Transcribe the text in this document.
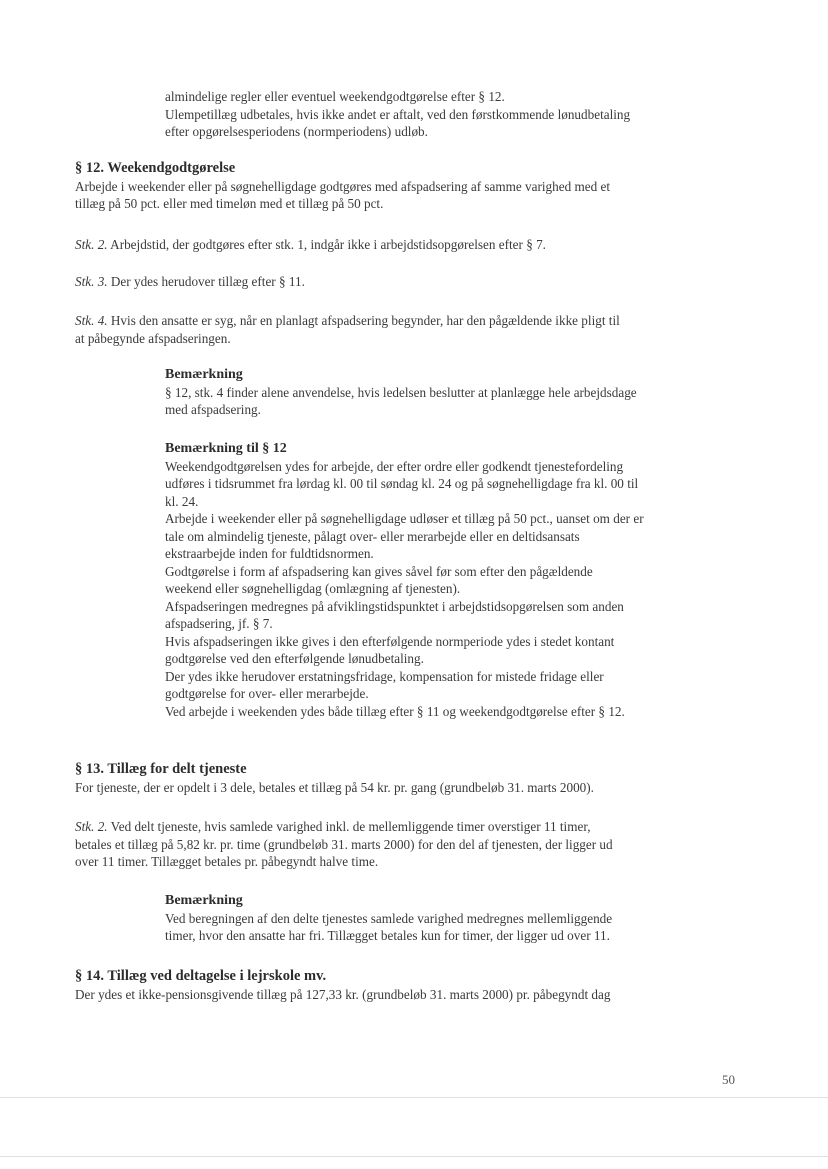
almindelige regler eller eventuel weekendgodtgørelse efter § 12.

Ulempetillæg udbetales, hvis ikke andet er aftalt, ved den førstkommende lønudbetaling

efter opgørelsesperiodens (normperiodens) udløb.

§ 12. Weekendgodtgørelse

Arbejde i weekender eller på søgnehelligdage godtgøres med afspadsering af samme varighed med et

tillæg på 50 pct. eller med timeløn med et tillæg på 50 pct.

Stk. 2. Arbejdstid, der godtgøres efter stk. 1, indgår ikke i arbejdstidsopgørelsen efter § 7.

Stk. 3. Der ydes herudover tillæg efter § 11.

Stk. 4. Hvis den ansatte er syg, når en planlagt afspadsering begynder, har den pågældende ikke pligt til

at påbegynde afspadseringen.

Bemærkning

§ 12, stk. 4 finder alene anvendelse, hvis ledelsen beslutter at planlægge hele arbejdsdage

med afspadsering.

Bemærkning til § 12

Weekendgodtgørelsen ydes for arbejde, der efter ordre eller godkendt tjenestefordeling

udføres i tidsrummet fra lørdag kl. 00 til søndag kl. 24 og på søgnehelligdage fra kl. 00 til

kl. 24.

Arbejde i weekender eller på søgnehelligdage udløser et tillæg på 50 pct., uanset om der er

tale om almindelig tjeneste, pålagt over- eller merarbejde eller en deltidsansats

ekstraarbejde inden for fuldtidsnormen.

Godtgørelse i form af afspadsering kan gives såvel før som efter den pågældende

weekend eller søgnehelligdag (omlægning af tjenesten).

Afspadseringen medregnes på afviklingstidspunktet i arbejdstidsopgørelsen som anden

afspadsering, jf. § 7.

Hvis afspadseringen ikke gives i den efterfølgende normperiode ydes i stedet kontant

godtgørelse ved den efterfølgende lønudbetaling.

Der ydes ikke herudover erstatningsfridage, kompensation for mistede fridage eller

godtgørelse for over- eller merarbejde.

Ved arbejde i weekenden ydes både tillæg efter § 11 og weekendgodtgørelse efter § 12.

§ 13. Tillæg for delt tjeneste

For tjeneste, der er opdelt i 3 dele, betales et tillæg på 54 kr. pr. gang (grundbeløb 31. marts 2000).

Stk. 2. Ved delt tjeneste, hvis samlede varighed inkl. de mellemliggende timer overstiger 11 timer,

betales et tillæg på 5,82 kr. pr. time (grundbeløb 31. marts 2000) for den del af tjenesten, der ligger ud

over 11 timer. Tillægget betales pr. påbegyndt halve time.

Bemærkning

Ved beregningen af den delte tjenestes samlede varighed medregnes mellemliggende

timer, hvor den ansatte har fri. Tillægget betales kun for timer, der ligger ud over 11.

§ 14. Tillæg ved deltagelse i lejrskole mv.

Der ydes et ikke-pensionsgivende tillæg på 127,33 kr. (grundbeløb 31. marts 2000) pr. påbegyndt dag

50
